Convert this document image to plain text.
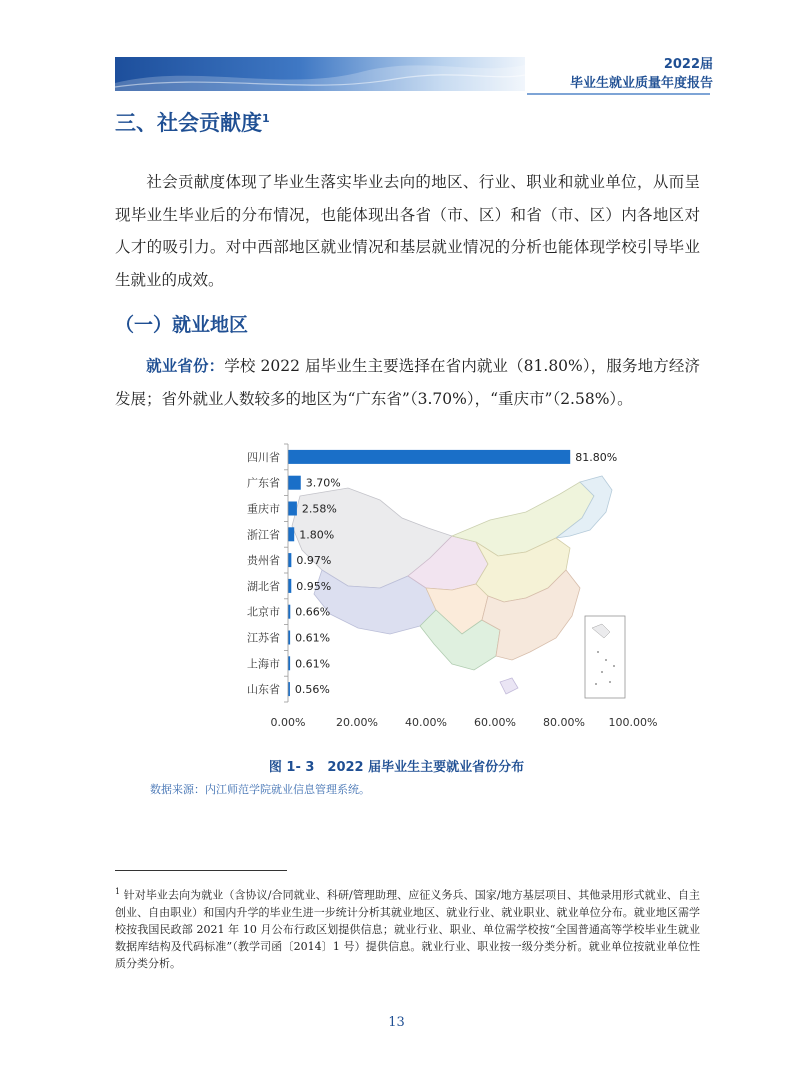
2022届
毕业生就业质量年度报告
三、社会贡献度$^1$
社会贡献度体现了毕业生落实毕业去向的地区、行业、职业和就业单位，从而呈现毕业生毕业后的分布情况，也能体现出各省（市、区）和省（市、区）内各地区对人才的吸引力。对中西部地区就业情况和基层就业情况的分析也能体现学校引导毕业生就业的成效。
（一）就业地区
就业省份：学校 2022 届毕业生主要选择在省内就业（81.80%），服务地方经济发展；省外就业人数较多的地区为“广东省”（3.70%），“重庆市”（2.58%）。
四川省	81.80%
广东省 3.70%
重庆市 2.58%
浙江省 1.80%
贵州省 0.97%
湖北省 0.95%
北京市 0.66%
江苏省 0.61%
上海市 0.61%
山东省 0.56%
0.00%	20.00% 40.00% 60.00% 80.00% 100.00%
图 1- 3　2022 届毕业生主要就业省份分布
数据来源：内江师范学院就业信息管理系统。
$^1$ 针对毕业去向为就业（含协议/合同就业、科研/管理助理、应征义务兵、国家/地方基层项目、其他录用形式就业、自主创业、自由职业）和国内升学的毕业生进一步统计分析其就业地区、就业行业、就业职业、就业单位分布。就业地区需学校按我国民政部 2021 年 10 月公布行政区划提供信息；就业行业、职业、单位需学校按“全国普通高等学校毕业生就业数据库结构及代码标准”（教学司函〔2014〕1 号）提供信息。就业行业、职业按一级分类分析。就业单位按就业单位性质分类分析。
13
